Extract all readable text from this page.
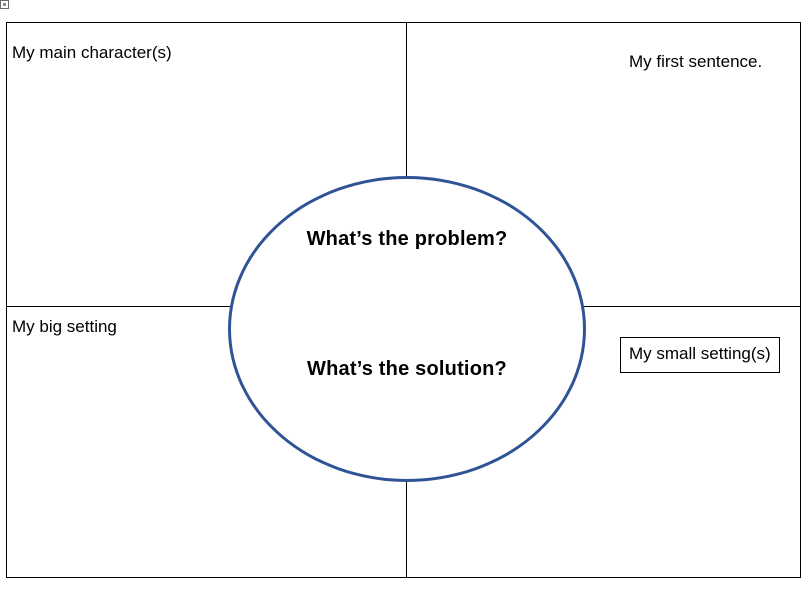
What’s the problem?
What’s the solution?
My main character(s)	My first sentence.
My big setting
My small setting(s)
